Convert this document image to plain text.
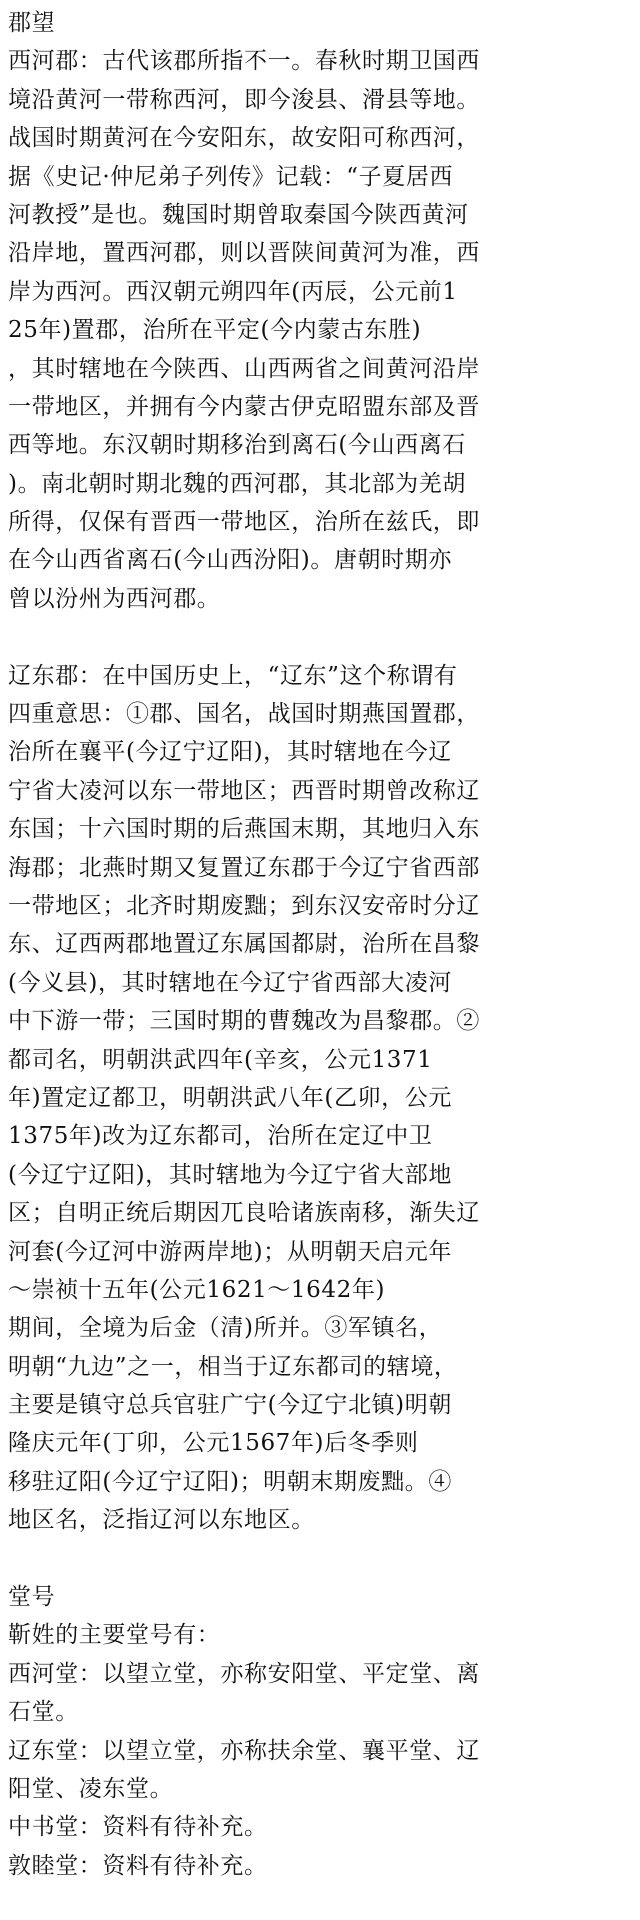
郡望
西河郡：古代该郡所指不一。春秋时期卫国西
境沿黄河一带称西河，即今浚县、滑县等地。
战国时期黄河在今安阳东，故安阳可称西河，
据《史记·仲尼弟子列传》记载：“子夏居西
河教授”是也。魏国时期曾取秦国今陕西黄河
沿岸地，置西河郡，则以晋陕间黄河为准，西
岸为西河。西汉朝元朔四年(丙辰，公元前1
25年)置郡，治所在平定(今内蒙古东胜)
，其时辖地在今陕西、山西两省之间黄河沿岸
一带地区，并拥有今内蒙古伊克昭盟东部及晋
西等地。东汉朝时期移治到离石(今山西离石
)。南北朝时期北魏的西河郡，其北部为羌胡
所得，仅保有晋西一带地区，治所在兹氏，即
在今山西省离石(今山西汾阳)。唐朝时期亦
曾以汾州为西河郡。
辽东郡：在中国历史上，“辽东”这个称谓有
四重意思：①郡、国名，战国时期燕国置郡，
治所在襄平(今辽宁辽阳)，其时辖地在今辽
宁省大凌河以东一带地区；西晋时期曾改称辽
东国；十六国时期的后燕国末期，其地归入东
海郡；北燕时期又复置辽东郡于今辽宁省西部
一带地区；北齐时期废黜；到东汉安帝时分辽
东、辽西两郡地置辽东属国都尉，治所在昌黎
(今义县)，其时辖地在今辽宁省西部大凌河
中下游一带；三国时期的曹魏改为昌黎郡。②
都司名，明朝洪武四年(辛亥，公元1371
年)置定辽都卫，明朝洪武八年(乙卯，公元
1375年)改为辽东都司，治所在定辽中卫
(今辽宁辽阳)，其时辖地为今辽宁省大部地
区；自明正统后期因兀良哈诸族南移，渐失辽
河套(今辽河中游两岸地)；从明朝天启元年
～崇祯十五年(公元1621～1642年)
期间，全境为后金（清)所并。③军镇名，
明朝“九边”之一，相当于辽东都司的辖境，
主要是镇守总兵官驻广宁(今辽宁北镇)明朝
隆庆元年(丁卯，公元1567年)后冬季则
移驻辽阳(今辽宁辽阳)；明朝末期废黜。④
地区名，泛指辽河以东地区。
堂号
靳姓的主要堂号有：
西河堂：以望立堂，亦称安阳堂、平定堂、离
石堂。
辽东堂：以望立堂，亦称扶余堂、襄平堂、辽
阳堂、凌东堂。
中书堂：资料有待补充。
敦睦堂：资料有待补充。
